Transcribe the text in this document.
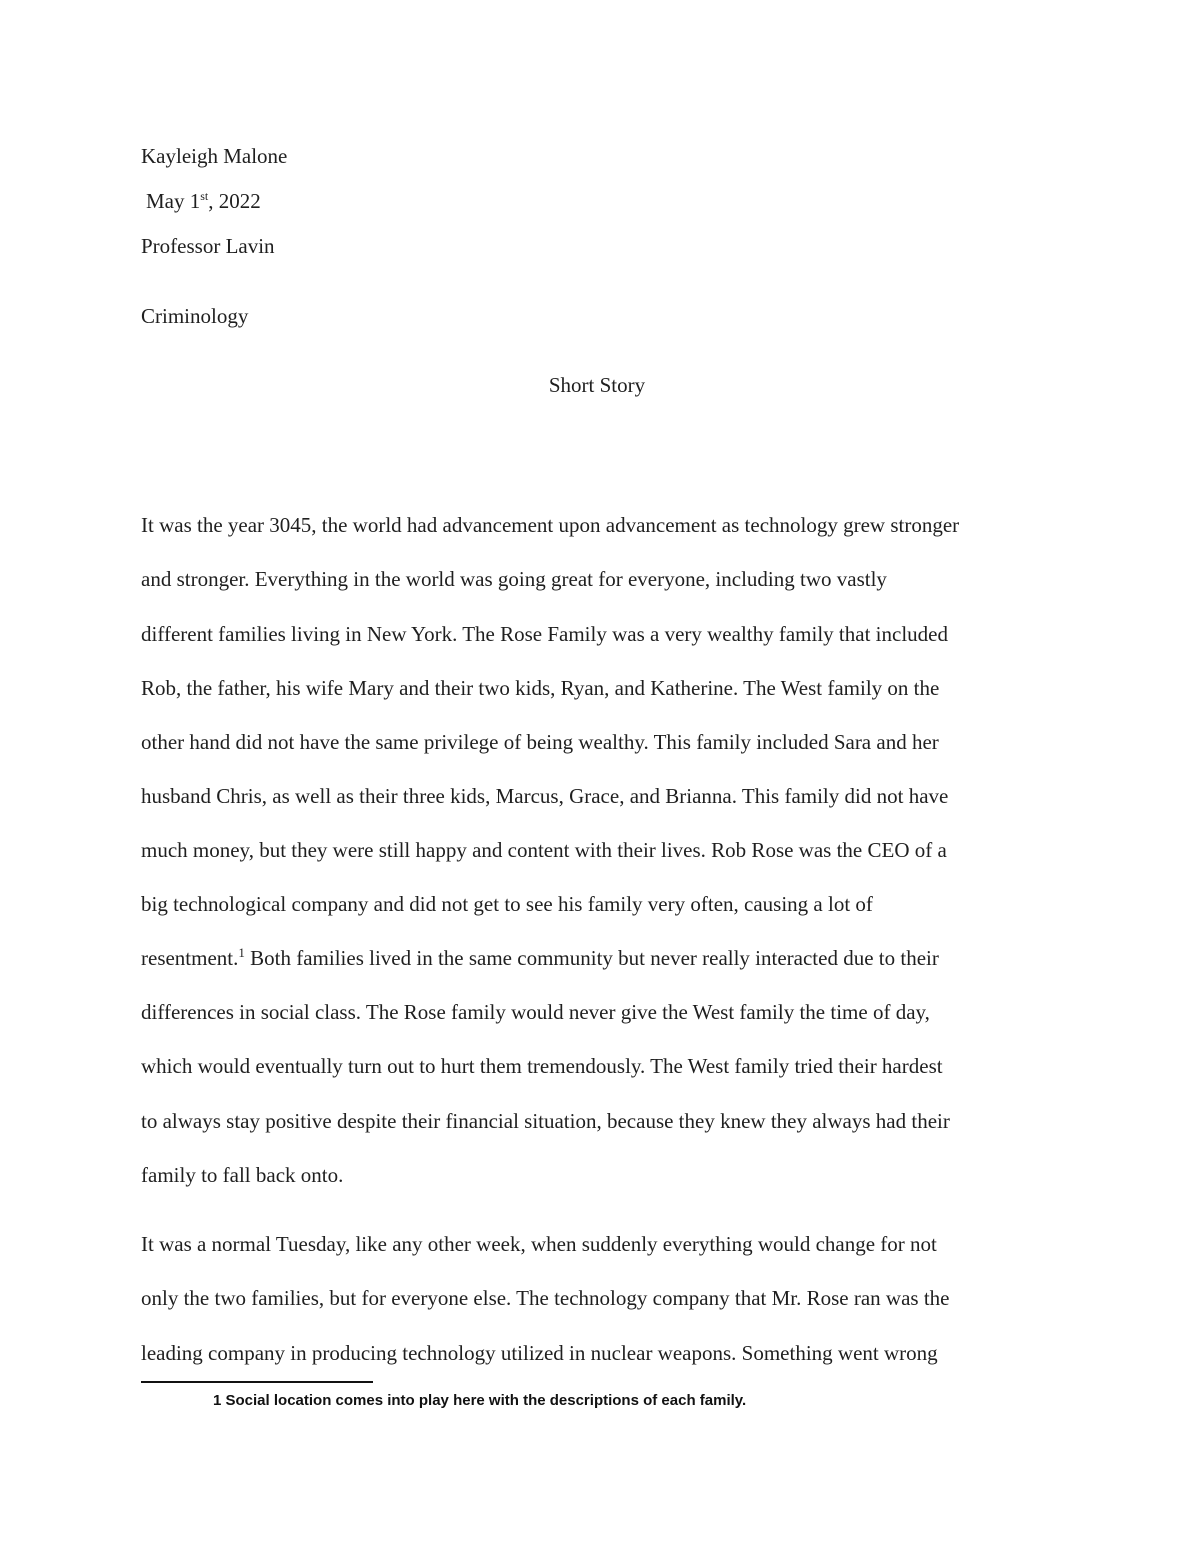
Kayleigh Malone
May 1st, 2022
Professor Lavin
Criminology
Short Story
It was the year 3045, the world had advancement upon advancement as technology grew stronger
and stronger. Everything in the world was going great for everyone, including two vastly
different families living in New York. The Rose Family was a very wealthy family that included
Rob, the father, his wife Mary and their two kids, Ryan, and Katherine. The West family on the
other hand did not have the same privilege of being wealthy. This family included Sara and her
husband Chris, as well as their three kids, Marcus, Grace, and Brianna. This family did not have
much money, but they were still happy and content with their lives. Rob Rose was the CEO of a
big technological company and did not get to see his family very often, causing a lot of
resentment.$^1$ Both families lived in the same community but never really interacted due to their
differences in social class. The Rose family would never give the West family the time of day,
which would eventually turn out to hurt them tremendously. The West family tried their hardest
to always stay positive despite their financial situation, because they knew they always had their
family to fall back onto.
It was a normal Tuesday, like any other week, when suddenly everything would change for not
only the two families, but for everyone else. The technology company that Mr. Rose ran was the
leading company in producing technology utilized in nuclear weapons. Something went wrong
1 Social location comes into play here with the descriptions of each family.
